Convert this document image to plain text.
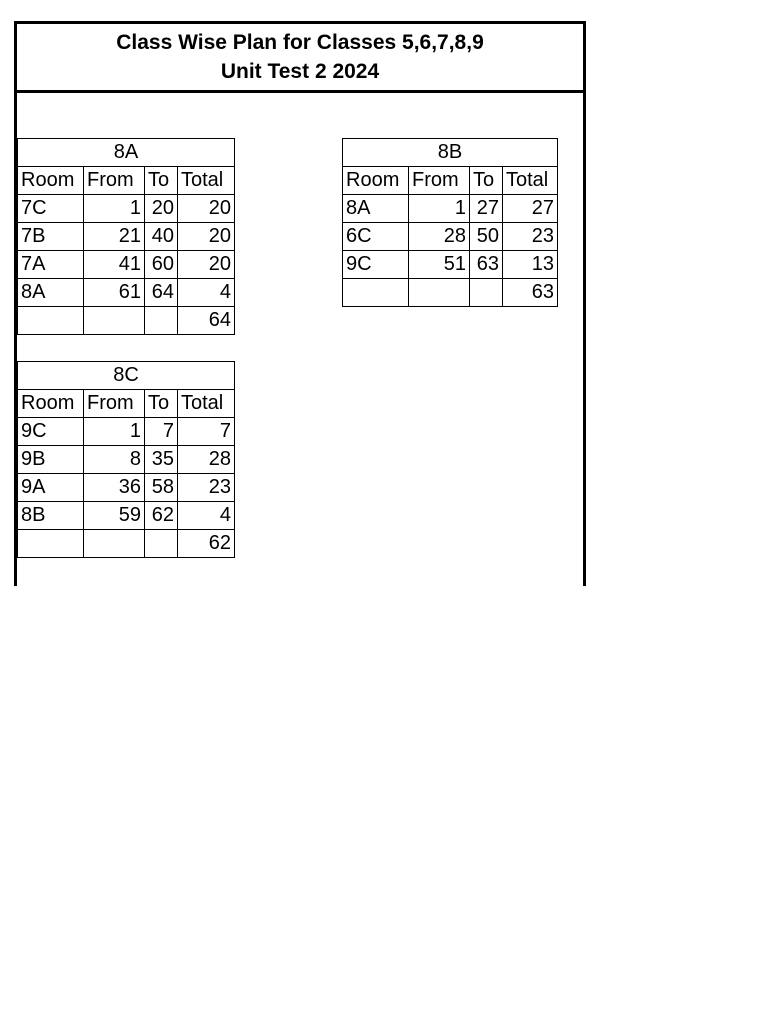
Class Wise Plan for Classes 5,6,7,8,9
Unit Test 2 2024
8A			
Room	From	To	Total
7C	1	20	20
7B	21	40	20
7A	41	60	20
8A	61	64	4
			64
8B			
Room	From	To	Total
8A	1	27	27
6C	28	50	23
9C	51	63	13
			63
8C			
Room	From	To	Total
9C	1	7	7
9B	8	35	28
9A	36	58	23
8B	59	62	4
			62
